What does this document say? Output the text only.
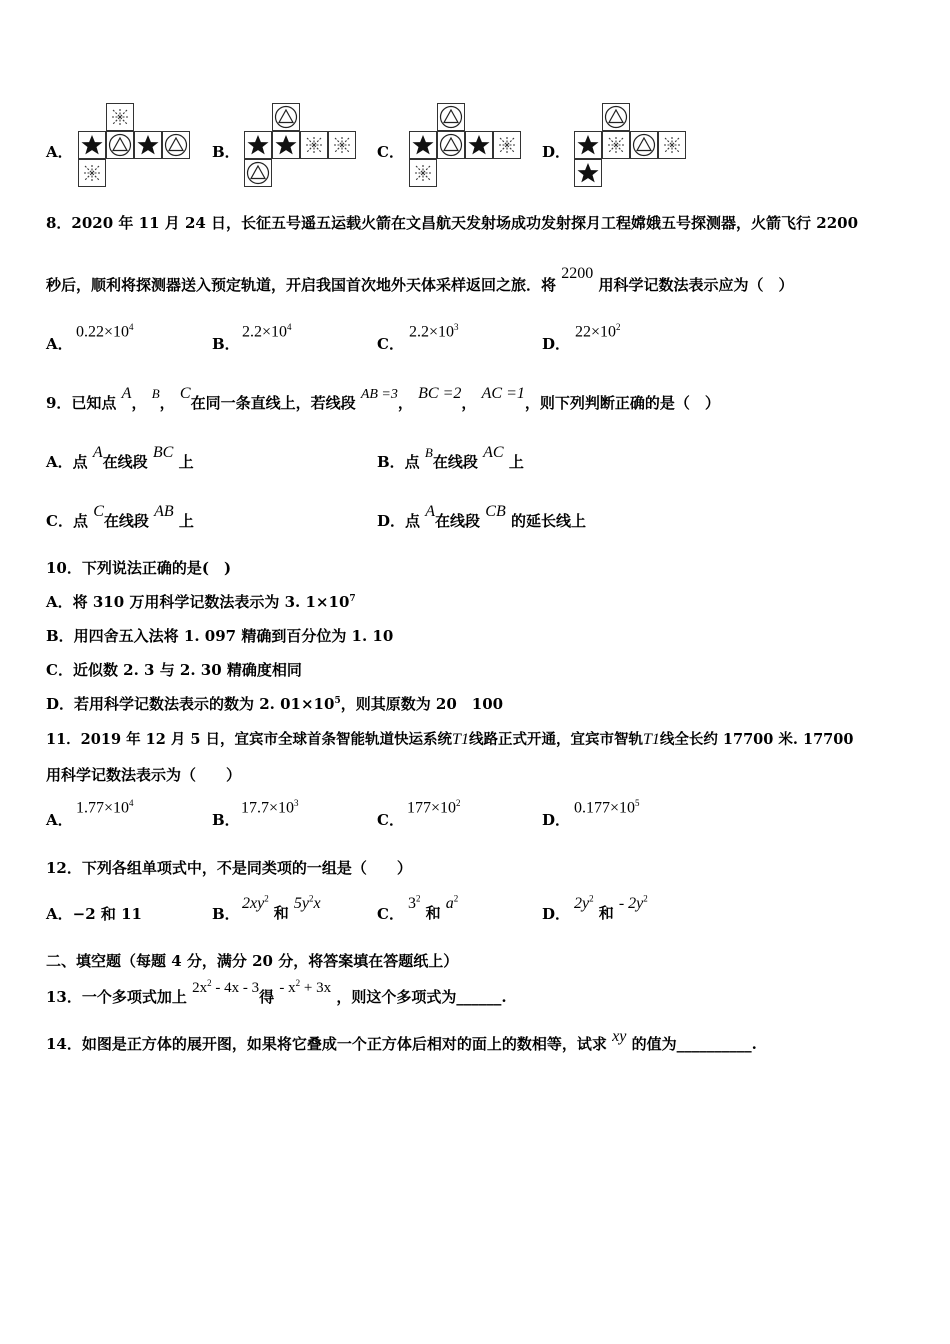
A．	B．	C．	D．
8．2020 年 11 月 24 日，长征五号遥五运载火箭在文昌航天发射场成功发射探月工程嫦娥五号探测器，火箭飞行 2200
秒后，顺利将探测器送入预定轨道，开启我国首次地外天体采样返回之旅．将 2200 用科学记数法表示应为（　）
A．
$0.22\times 10^4$
B．
$2.2\times 10^4$
C．
$2.2\times 10^3$
D．
$22\times 10^2$
9．已知点 A， B， C在同一条直线上，若线段 AB =3， BC =2， AC =1，则下列判断正确的是（　）
A．点 A在线段 BC 上	B．点 B在线段 AC 上
C．点 C在线段 AB 上	D．点 A在线段 CB 的延长线上
10．下列说法正确的是(　)
A．将 310 万用科学记数法表示为 3. $1\times 10^7$
B．用四舍五入法将 1. 097 精确到百分位为 1. 10
C．近似数 2. 3 与 2. 30 精确度相同
D．若用科学记数法表示的数为 2. $01\times 10^5$，则其原数为 20　100
11．2019 年 12 月 5 日，宜宾市全球首条智能轨道快运系统T1线路正式开通，宜宾市智轨T1线全长约 17700 米. 17700
用科学记数法表示为（　　）
A．
$1.77\times 10^4$
B．
$17.7\times 10^3$
C．
$177\times 10^2$
D．
$0.177\times 10^5$
12．下列各组单项式中，不是同类项的一组是（　　）
A．−2 和 11	B．
$2xy^2$ 和 $5y^2x$
C．
$3^2$ 和 $a^2$
D．
$2y^2$ 和 - $2y^2$
二、填空题（每题 4 分，满分 20 分，将答案填在答题纸上）
13．一个多项式加上 $2x^2 - 4x - 3$得 - $x^2 + 3x$ ，则这个多项式为______.
14．如图是正方体的展开图，如果将它叠成一个正方体后相对的面上的数相等，试求 xy 的值为__________.
